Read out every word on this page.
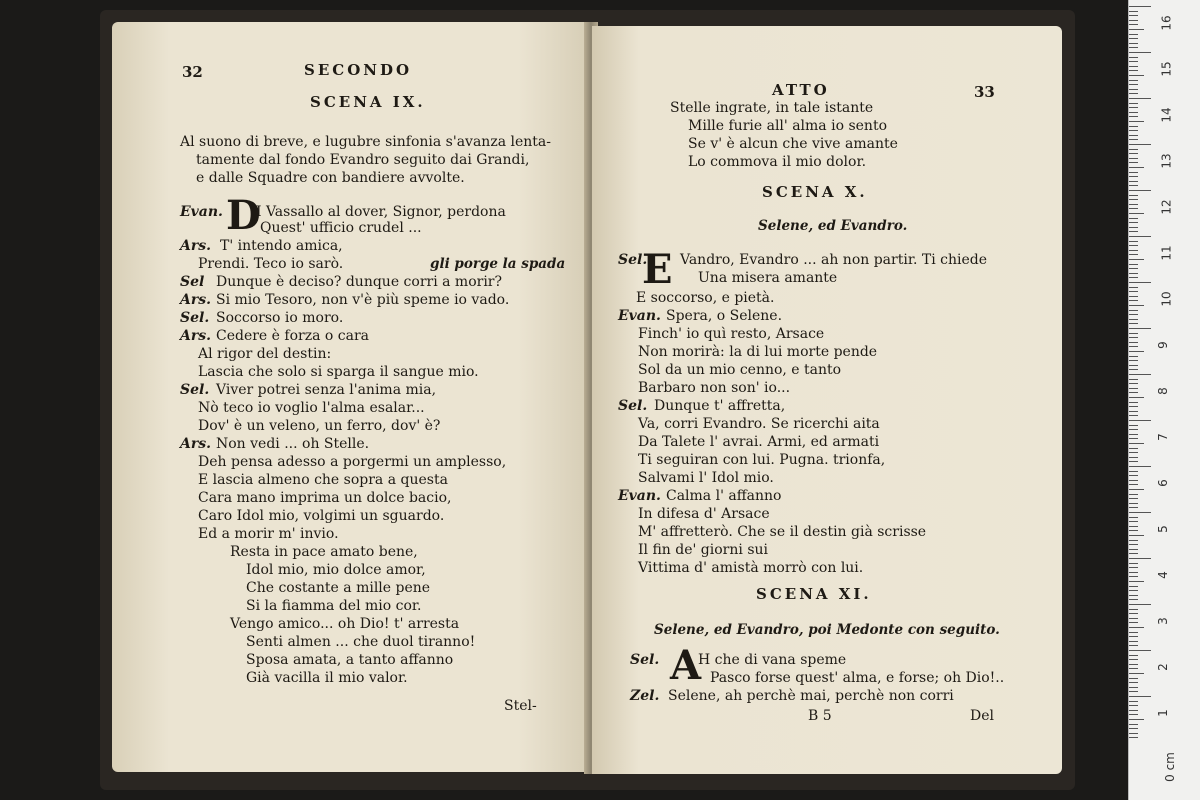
32	SECONDO
SCENA IX.
Al suono di breve, e lugubre sinfonia s'avanza lenta-
tamente dal fondo Evandro seguito dai Grandi,
e dalle Squadre con bandiere avvolte.
D
Evan. I Vassallo al dover, Signor, perdona
Quest' ufficio crudel ...
Ars. T' intendo amica,
Prendi. Teco io sarò.	gli porge la spada
Sel Dunque è deciso? dunque corri a morir?
Ars. Si mio Tesoro, non v'è più speme io vado.
Sel. Soccorso io moro.
Ars. Cedere è forza o cara
Al rigor del destin:
Lascia che solo si sparga il sangue mio.
Sel. Viver potrei senza l'anima mia,
Nò teco io voglio l'alma esalar...
Dov' è un veleno, un ferro, dov' è?
Ars. Non vedi ... oh Stelle.
Deh pensa adesso a porgermi un amplesso,
E lascia almeno che sopra a questa
Cara mano imprima un dolce bacio,
Caro Idol mio, volgimi un sguardo.
Ed a morir m' invio.
Resta in pace amato bene,
Idol mio, mio dolce amor,
Che costante a mille pene
Si la fiamma del mio cor.
Vengo amico... oh Dio! t' arresta
Senti almen ... che duol tiranno!
Sposa amata, a tanto affanno
Già vacilla il mio valor.
Stel-
ATTO	33
Stelle ingrate, in tale istante
Mille furie all' alma io sento
Se v' è alcun che vive amante
Lo commova il mio dolor.
SCENA X.
Selene, ed Evandro.
E
Sel. Vandro, Evandro ... ah non partir. Ti chiede
Una misera amante
E soccorso, e pietà.
Evan. Spera, o Selene.
Finch' io quì resto, Arsace
Non morirà: la di lui morte pende
Sol da un mio cenno, e tanto
Barbaro non son' io...
Sel. Dunque t' affretta,
Va, corri Evandro. Se ricerchi aita
Da Talete l' avrai. Armi, ed armati
Ti seguiran con lui. Pugna. trionfa,
Salvami l' Idol mio.
Evan. Calma l' affanno
In difesa d' Arsace
M' affretterò. Che se il destin già scrisse
Il fin de' giorni sui
Vittima d' amistà morrò con lui.
SCENA XI.
Selene, ed Evandro, poi Medonte con seguito.
A
Sel.	H che di vana speme
Pasco forse quest' alma, e forse; oh Dio!..
Zel. Selene, ah perchè mai, perchè non corri
B 5	Del
16
15
14
13
12
11
10
9
8
7
6
5
4
3
2
1
0 cm
